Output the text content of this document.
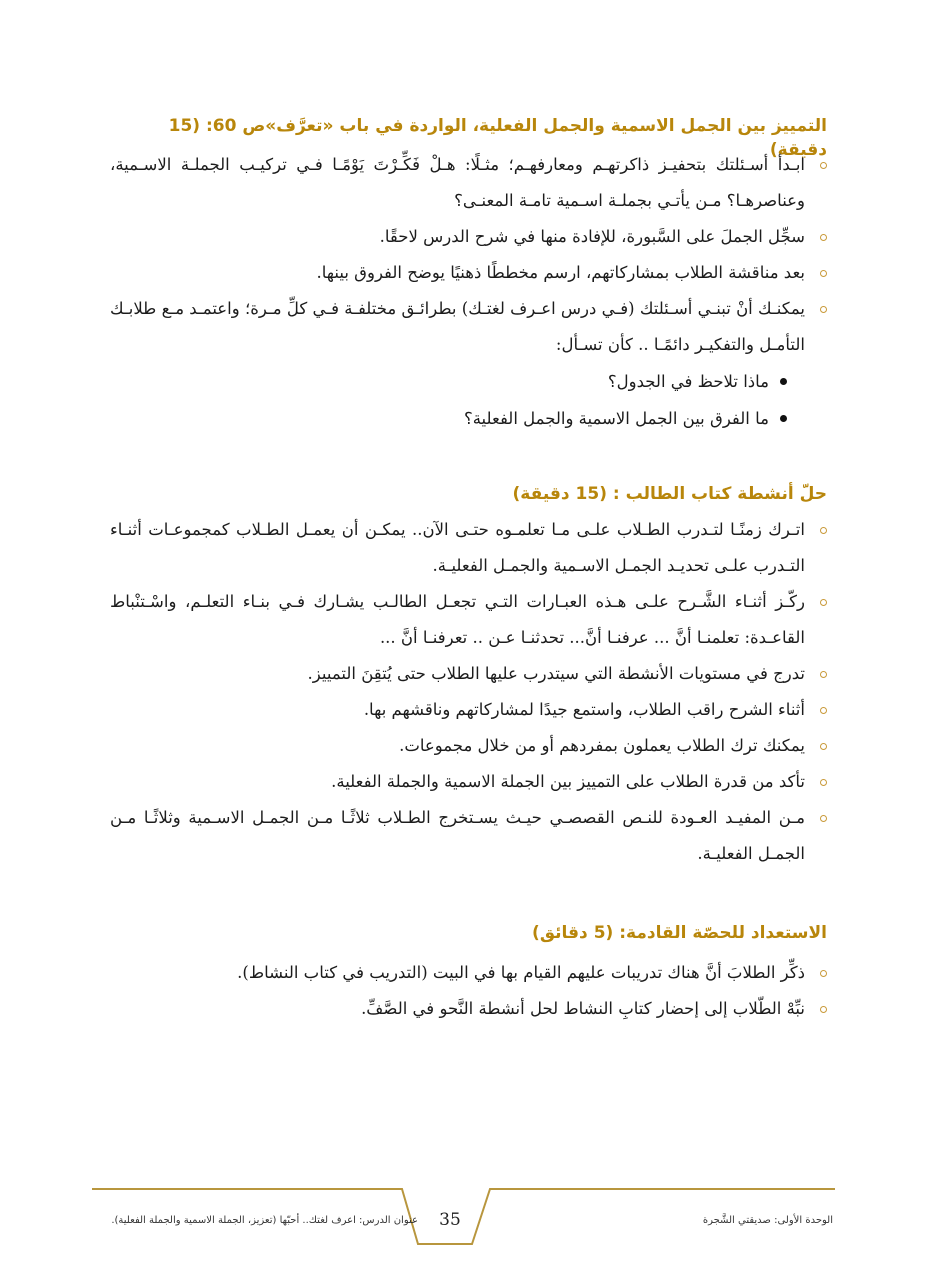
التمييز بين الجمل الاسمية والجمل الفعلية، الواردة في باب «تعرَّف»ص 60: (15 دقيقة)
ابـدأ أسـئلتك بتحفيـز ذاكرتهـم ومعارفهـم؛ مثـلًا: هـلْ فَكِّـرْتَ يَوْمًـا فـي تركيـب الجملـة الاسـمية، وعناصرهـا؟ مـن يأتـي بجملـة اسـمية تامـة المعنـى؟
سجِّل الجملَ على السَّبورة، للإفادة منها في شرح الدرس لاحقًا.
بعد مناقشة الطلاب بمشاركاتهم، ارسم مخططًا ذهنيًا يوضح الفروق بينها.
يمكنـك أنْ تبنـي أسـئلتك (فـي درس اعـرف لغتـك) بطرائـق مختلفـة فـي كلِّ مـرة؛ واعتمـد مـع طلابـك التأمـل والتفكيـر دائمًـا .. كأن تسـأل:
ماذا تلاحظ في الجدول؟
ما الفرق بين الجمل الاسمية والجمل الفعلية؟
حلّ أنشطة كتاب الطالب : (15 دقيقة)
اتـرك زمنًـا لتـدرب الطـلاب علـى مـا تعلمـوه حتـى الآن.. يمكـن أن يعمـل الطـلاب كمجموعـات أثنـاء التـدرب علـى تحديـد الجمـل الاسـمية والجمـل الفعليـة.
ركّـز أثنـاء الشَّـرح علـى هـذه العبـارات التـي تجعـل الطالـب يشـارك فـي بنـاء التعلـم، واسْـتنْباط القاعـدة: تعلمنـا أنَّ ... عرفنـا أنَّ... تحدثنـا عـن .. تعرفنـا أنَّ ...
تدرج في مستويات الأنشطة التي سيتدرب عليها الطلاب حتى يُتقِنَ التمييز.
أثناء الشرح راقب الطلاب، واستمع جيدًا لمشاركاتهم وناقشهم بها.
يمكنك ترك الطلاب يعملون بمفردهم أو من خلال مجموعات.
تأكد من قدرة الطلاب على التمييز بين الجملة الاسمية والجملة الفعلية.
مـن المفيـد العـودة للنـص القصصـي حيـث يسـتخرج الطـلاب ثلاثًـا مـن الجمـل الاسـمية وثلاثًـا مـن الجمـل الفعليـة.
الاستعداد للحصّة القادمة: (5 دقائق)
ذكِّر الطلابَ أنَّ هناك تدريبات عليهم القيام بها في البيت (التدريب في كتاب النشاط).
نبِّهْ الطّلاب إلى إحضار كتابِ النشاط لحل أنشطة النَّحو في الصَّفِّ.
الوحدة الأولى: صديقتي الشَّجرة
35
عنوان الدرس: اعرف لغتك.. أحبّها (تعزيز، الجملة الاسمية والجملة الفعلية).
